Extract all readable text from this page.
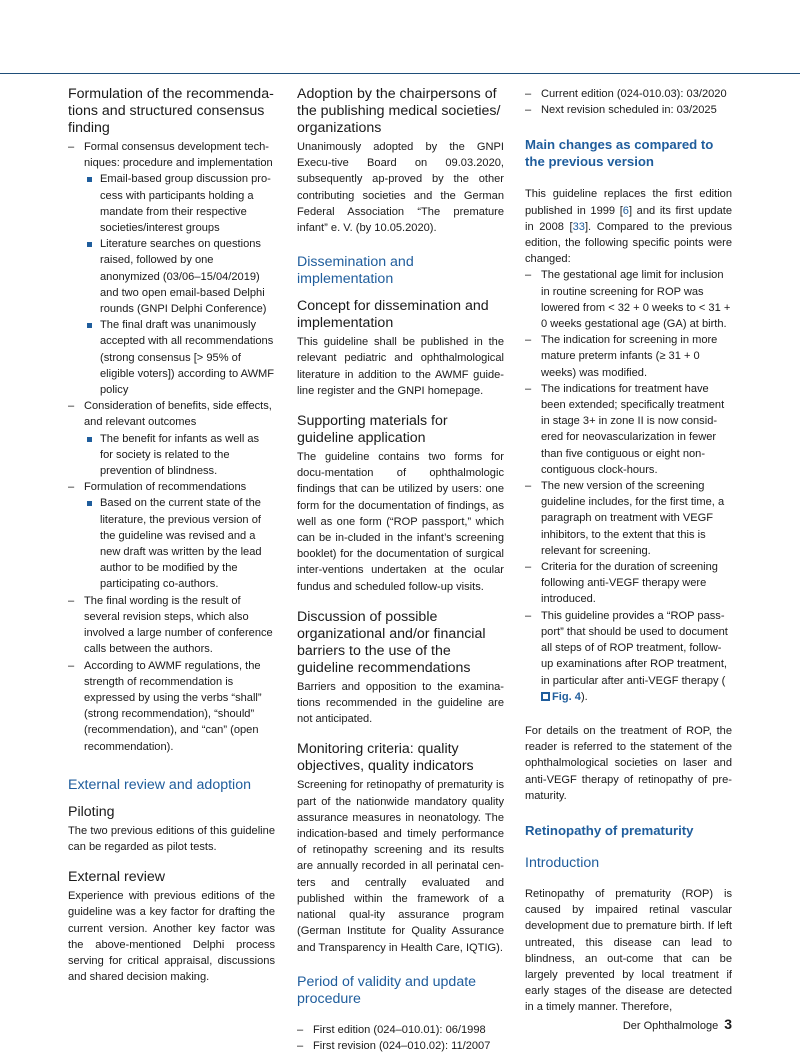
Formulation of the recommenda-tions and structured consensus finding
– Formal consensus development tech-niques: procedure and implementation
Email-based group discussion pro-cess with participants holding a mandate from their respective societies/interest groups
Literature searches on questions raised, followed by one anonymized (03/06–15/04/2019) and two open email-based Delphi rounds (GNPI Delphi Conference)
The final draft was unanimously accepted with all recommendations (strong consensus [> 95% of eligible voters]) according to AWMF policy
– Consideration of benefits, side effects, and relevant outcomes
The benefit for infants as well as for society is related to the prevention of blindness.
– Formulation of recommendations
Based on the current state of the literature, the previous version of the guideline was revised and a new draft was written by the lead author to be modified by the participating co-authors.
– The final wording is the result of several revision steps, which also involved a large number of conference calls between the authors.
– According to AWMF regulations, the strength of recommendation is expressed by using the verbs “shall” (strong recommendation), “should” (recommendation), and “can” (open recommendation).
External review and adoption
Piloting

The two previous editions of this guideline can be regarded as pilot tests.

External review

Experience with previous editions of the guideline was a key factor for drafting the current version. Another key factor was the above-mentioned Delphi process serving for critical appraisal, discussions and shared decision making.

Adoption by the chairpersons of the publishing medical societies/ organizations

Unanimously adopted by the GNPI Execu-tive Board on 09.03.2020, subsequently ap-proved by the other contributing societies and the German Federal Association “The premature infant” e. V. (by 10.05.2020).

Dissemination and implementation
Concept for dissemination and implementation

This guideline shall be published in the relevant pediatric and ophthalmological literature in addition to the AWMF guide-line register and the GNPI homepage.

Supporting materials for guideline application

The guideline contains two forms for docu-mentation of ophthalmologic findings that can be utilized by users: one form for the documentation of findings, as well as one form (“ROP passport,” which can be in-cluded in the infant’s screening booklet) for the documentation of surgical inter-ventions undertaken at the ocular fundus and scheduled follow-up visits.

Discussion of possible organizational and/or financial barriers to the use of the guideline recommendations

Barriers and opposition to the examina-tions recommended in the guideline are not anticipated.

Monitoring criteria: quality objectives, quality indicators

Screening for retinopathy of prematurity is part of the nationwide mandatory quality assurance measures in neonatology. The indication-based and timely performance of retinopathy screening and its results are annually recorded in all perinatal cen-ters and centrally evaluated and published within the framework of a national qual-ity assurance program (German Institute for Quality Assurance and Transparency in Health Care, IQTIG).

Period of validity and update procedure
– First edition (024–010.01): 06/1998
– First revision (024–010.02): 11/2007
– Current edition (024-010.03): 03/2020
– Next revision scheduled in: 03/2025
Main changes as compared to the previous version

This guideline replaces the first edition published in 1999 [6] and its first update in 2008 [33]. Compared to the previous edition, the following specific points were changed:

– The gestational age limit for inclusion in routine screening for ROP was lowered from < 32 + 0 weeks to < 31 + 0 weeks gestational age (GA) at birth.
– The indication for screening in more mature preterm infants (≥ 31 + 0 weeks) was modified.
– The indications for treatment have been extended; specifically treatment in stage 3+ in zone II is now consid-ered for neovascularization in fewer than five contiguous or eight non-contiguous clock-hours.
– The new version of the screening guideline includes, for the first time, a paragraph on treatment with VEGF inhibitors, to the extent that this is relevant for screening.
– Criteria for the duration of screening following anti-VEGF therapy were introduced.
– This guideline provides a “ROP pass-port” that should be used to document all steps of of ROP treatment, follow-up examinations after ROP treatment, in particular after anti-VEGF therapy (Fig. 4).

For details on the treatment of ROP, the reader is referred to the statement of the ophthalmological societies on laser and anti-VEGF therapy of retinopathy of pre-maturity.

Retinopathy of prematurity
Introduction

Retinopathy of prematurity (ROP) is caused by impaired retinal vascular development due to premature birth. If left untreated, this disease can lead to blindness, an out-come that can be largely prevented by local treatment if early stages of the disease are detected in a timely manner. Therefore,

Der Ophthalmologe 3
